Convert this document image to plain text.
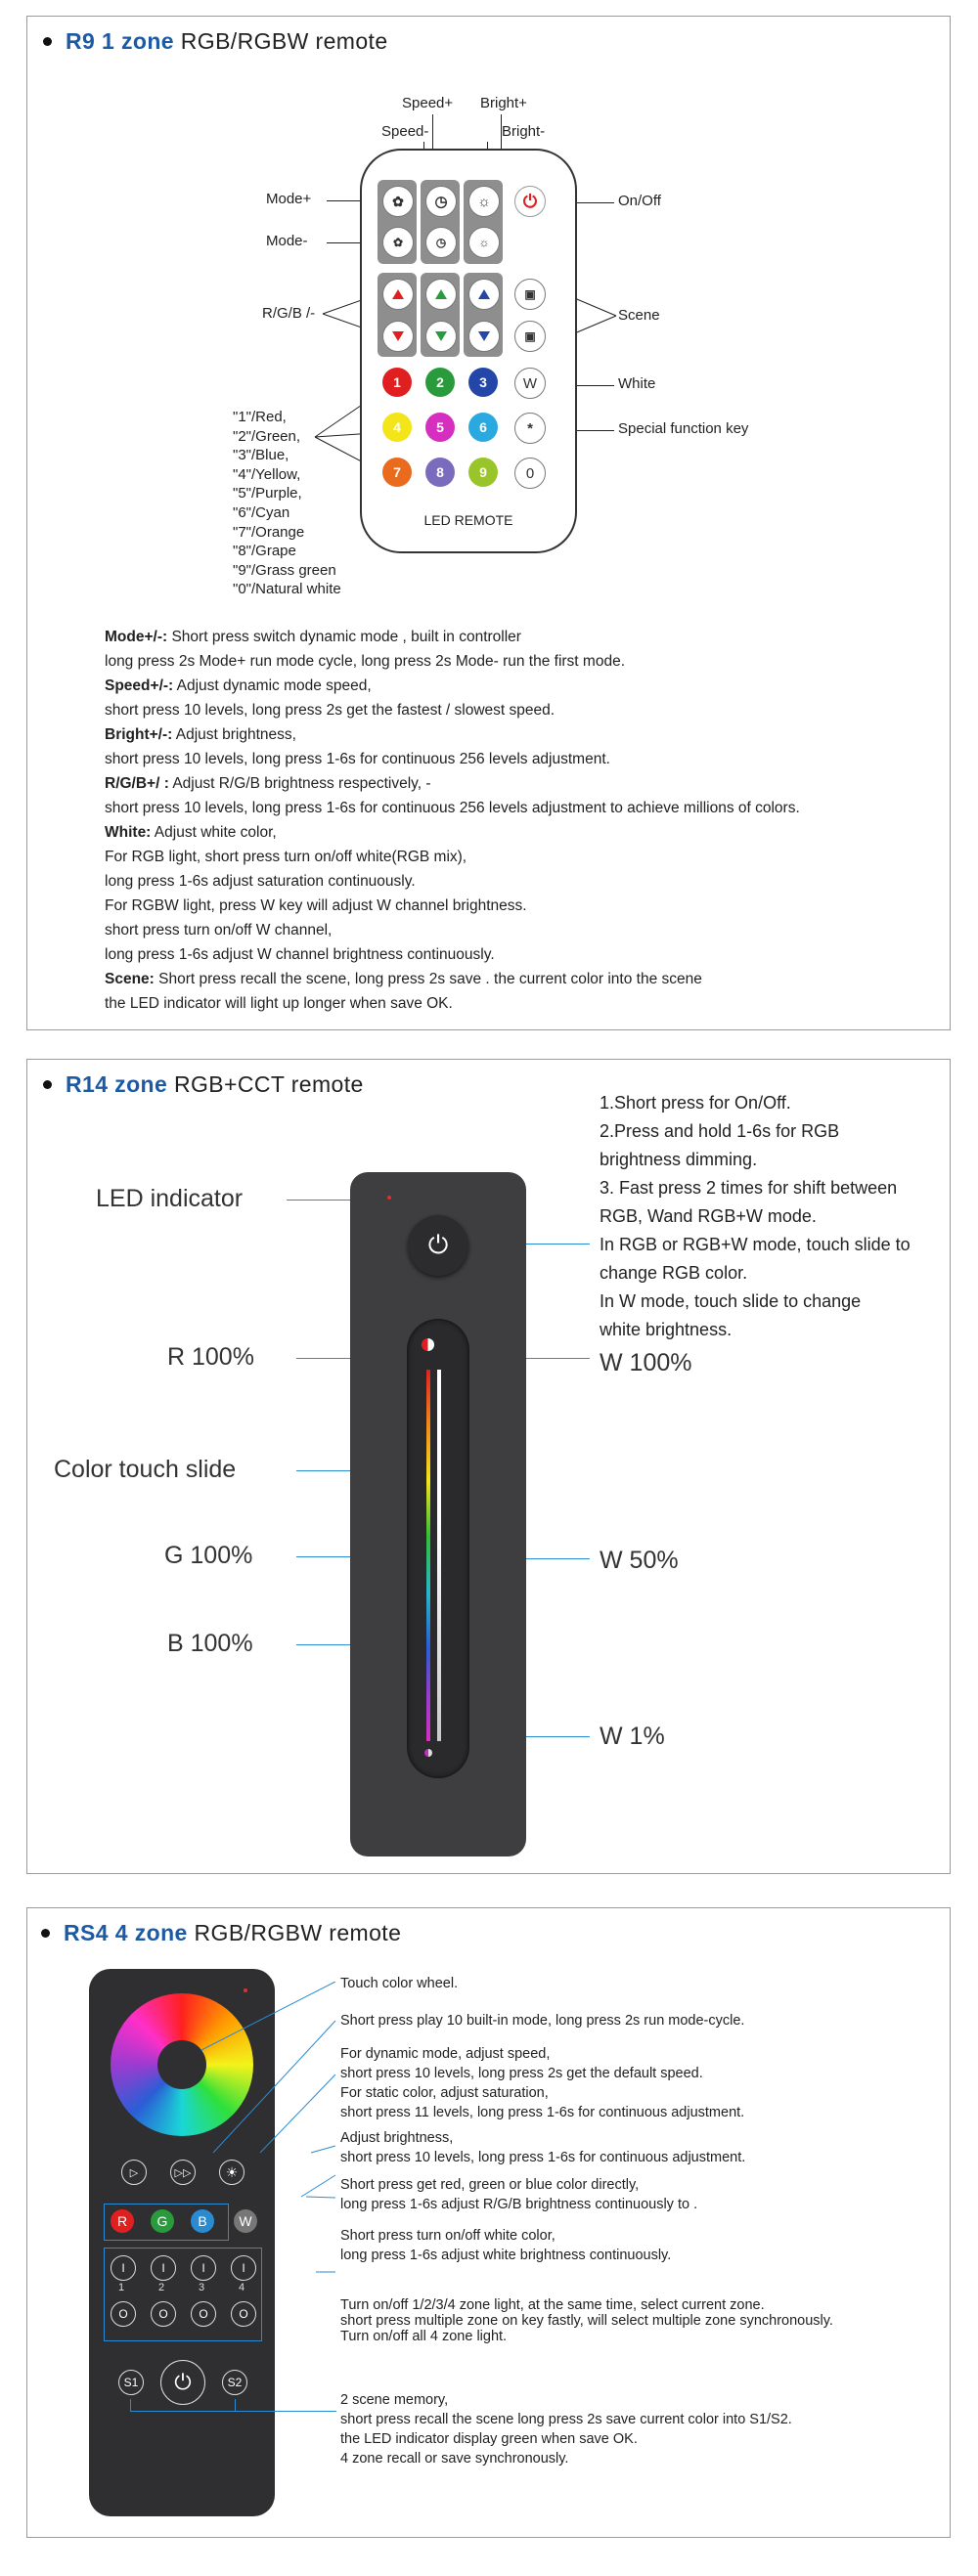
R9 1 zone RGB/RGBW remote
Speed+
Speed-
Bright+
Bright-
Mode+
Mode-
On/Off
R/G/B /-	Scene
White
Special function key
"1"/Red,
"2"/Green,
"3"/Blue,
"4"/Yellow,
"5"/Purple,
"6"/Cyan
"7"/Orange
"8"/Grape
"9"/Grass green
"0"/Natural white
✿
✿
◷
◷
☼
☼
⏻
▣
▣
1	2	3	W
4	5	6	*
7	8	9	0
LED REMOTE
Mode+/-: Short press switch dynamic mode , built in controller
long press 2s Mode+ run mode cycle, long press 2s Mode- run the first mode.
Speed+/-: Adjust dynamic mode speed,
short press 10 levels, long press 2s get the fastest / slowest speed.
Bright+/-: Adjust brightness,
short press 10 levels, long press 1-6s for continuous 256 levels adjustment.
R/G/B+/ : Adjust R/G/B brightness respectively, -
short press 10 levels, long press 1-6s for continuous 256 levels adjustment to achieve millions of colors.
White: Adjust white color,
For RGB light, short press turn on/off white(RGB mix),
long press 1-6s adjust saturation continuously.
For RGBW light, press W key will adjust W channel brightness.
short press turn on/off W channel,
long press 1-6s adjust W channel brightness continuously.
Scene: Short press recall the scene, long press 2s save . the current color into the scene
the LED indicator will light up longer when save OK.
R14 zone RGB+CCT remote
1.Short press for On/Off.
2.Press and hold 1-6s for RGB
brightness dimming.
3. Fast press 2 times for shift between
RGB, Wand RGB+W mode.
In RGB or RGB+W mode, touch slide to
change RGB color.
In W mode, touch slide to change
white brightness.
LED indicator
R 100%
Color touch slide
G 100%
B 100%
W 100%
W 50%
W 1%
⏻
RS4 4 zone RGB/RGBW remote
▷	▷▷	☀
R	G	B	W
I	I	I	I
1	2	3	4
O	O	O	O
S1 ⏻	S2
Touch color wheel.
Short press play 10 built-in mode, long press 2s run mode-cycle.
For dynamic mode, adjust speed,
short press 10 levels, long press 2s get the default speed.
For static color, adjust saturation,
short press 11 levels, long press 1-6s for continuous adjustment.
Adjust brightness,
short press 10 levels, long press 1-6s for continuous adjustment.
Short press get red, green or blue color directly,
long press 1-6s adjust R/G/B brightness continuously to .
Short press turn on/off white color,
long press 1-6s adjust white brightness continuously.
Turn on/off 1/2/3/4 zone light, at the same time, select current zone.
short press multiple zone on key fastly, will select multiple zone synchronously.
Turn on/off all 4 zone light.
2 scene memory,
short press recall the scene long press 2s save current color into S1/S2.
the LED indicator display green when save OK.
4 zone recall or save synchronously.
